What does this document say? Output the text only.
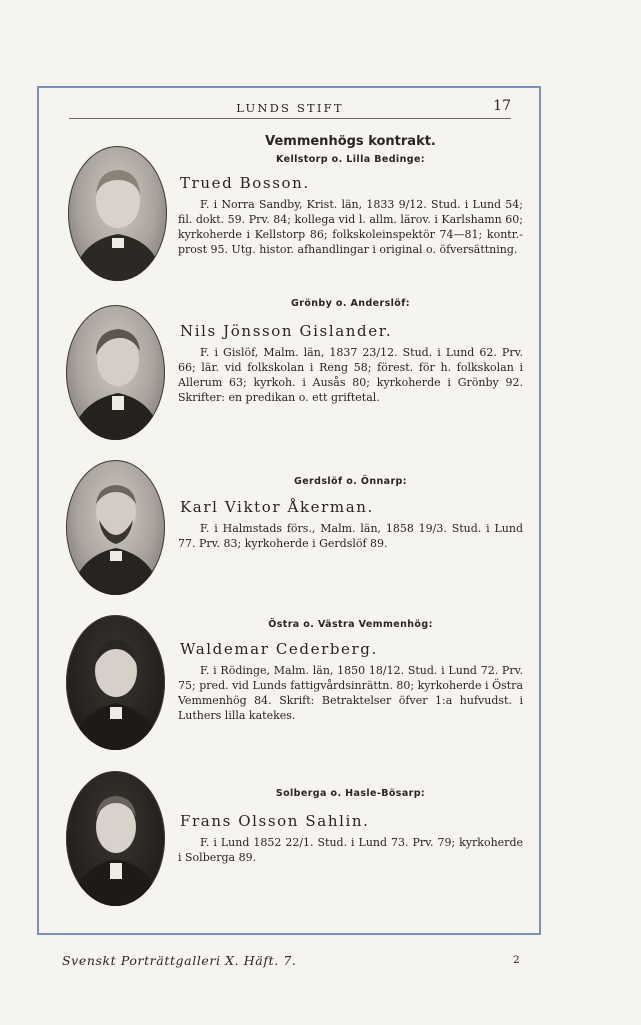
LUNDS STIFT	17
Vemmenhögs kontrakt.
Kellstorp o. Lilla Bedinge:
Trued Bosson.
F. i Norra Sandby, Krist. län, 1833 9/12. Stud. i Lund 54; fil. dokt. 59. Prv. 84; kollega vid l. allm. lärov. i Karlshamn 60; kyrkoherde i Kellstorp 86; folkskoleinspektör 74—81; kontr.-prost 95. Utg. histor. afhandlingar i original o. öfversättning.
Grönby o. Anderslöf:
Nils Jönsson Gislander.
F. i Gislöf, Malm. län, 1837 23/12. Stud. i Lund 62. Prv. 66; lär. vid folkskolan i Reng 58; förest. för h. folkskolan i Allerum 63; kyrkoh. i Ausås 80; kyrkoherde i Grönby 92. Skrifter: en predikan o. ett griftetal.
Gerdslöf o. Önnarp:
Karl Viktor Åkerman.
F. i Halmstads förs., Malm. län, 1858 19/3. Stud. i Lund 77. Prv. 83; kyrkoherde i Gerdslöf 89.
Östra o. Västra Vemmenhög:
Waldemar Cederberg.
F. i Rödinge, Malm. län, 1850 18/12. Stud. i Lund 72. Prv. 75; pred. vid Lunds fattigvårdsinrättn. 80; kyrkoherde i Östra Vemmenhög 84. Skrift: Betraktelser öfver 1:a hufvudst. i Luthers lilla katekes.
Solberga o. Hasle-Bösarp:
Frans Olsson Sahlin.
F. i Lund 1852 22/1. Stud. i Lund 73. Prv. 79; kyrkoherde i Solberga 89.
Svenskt Porträttgalleri X. Häft. 7.	2
